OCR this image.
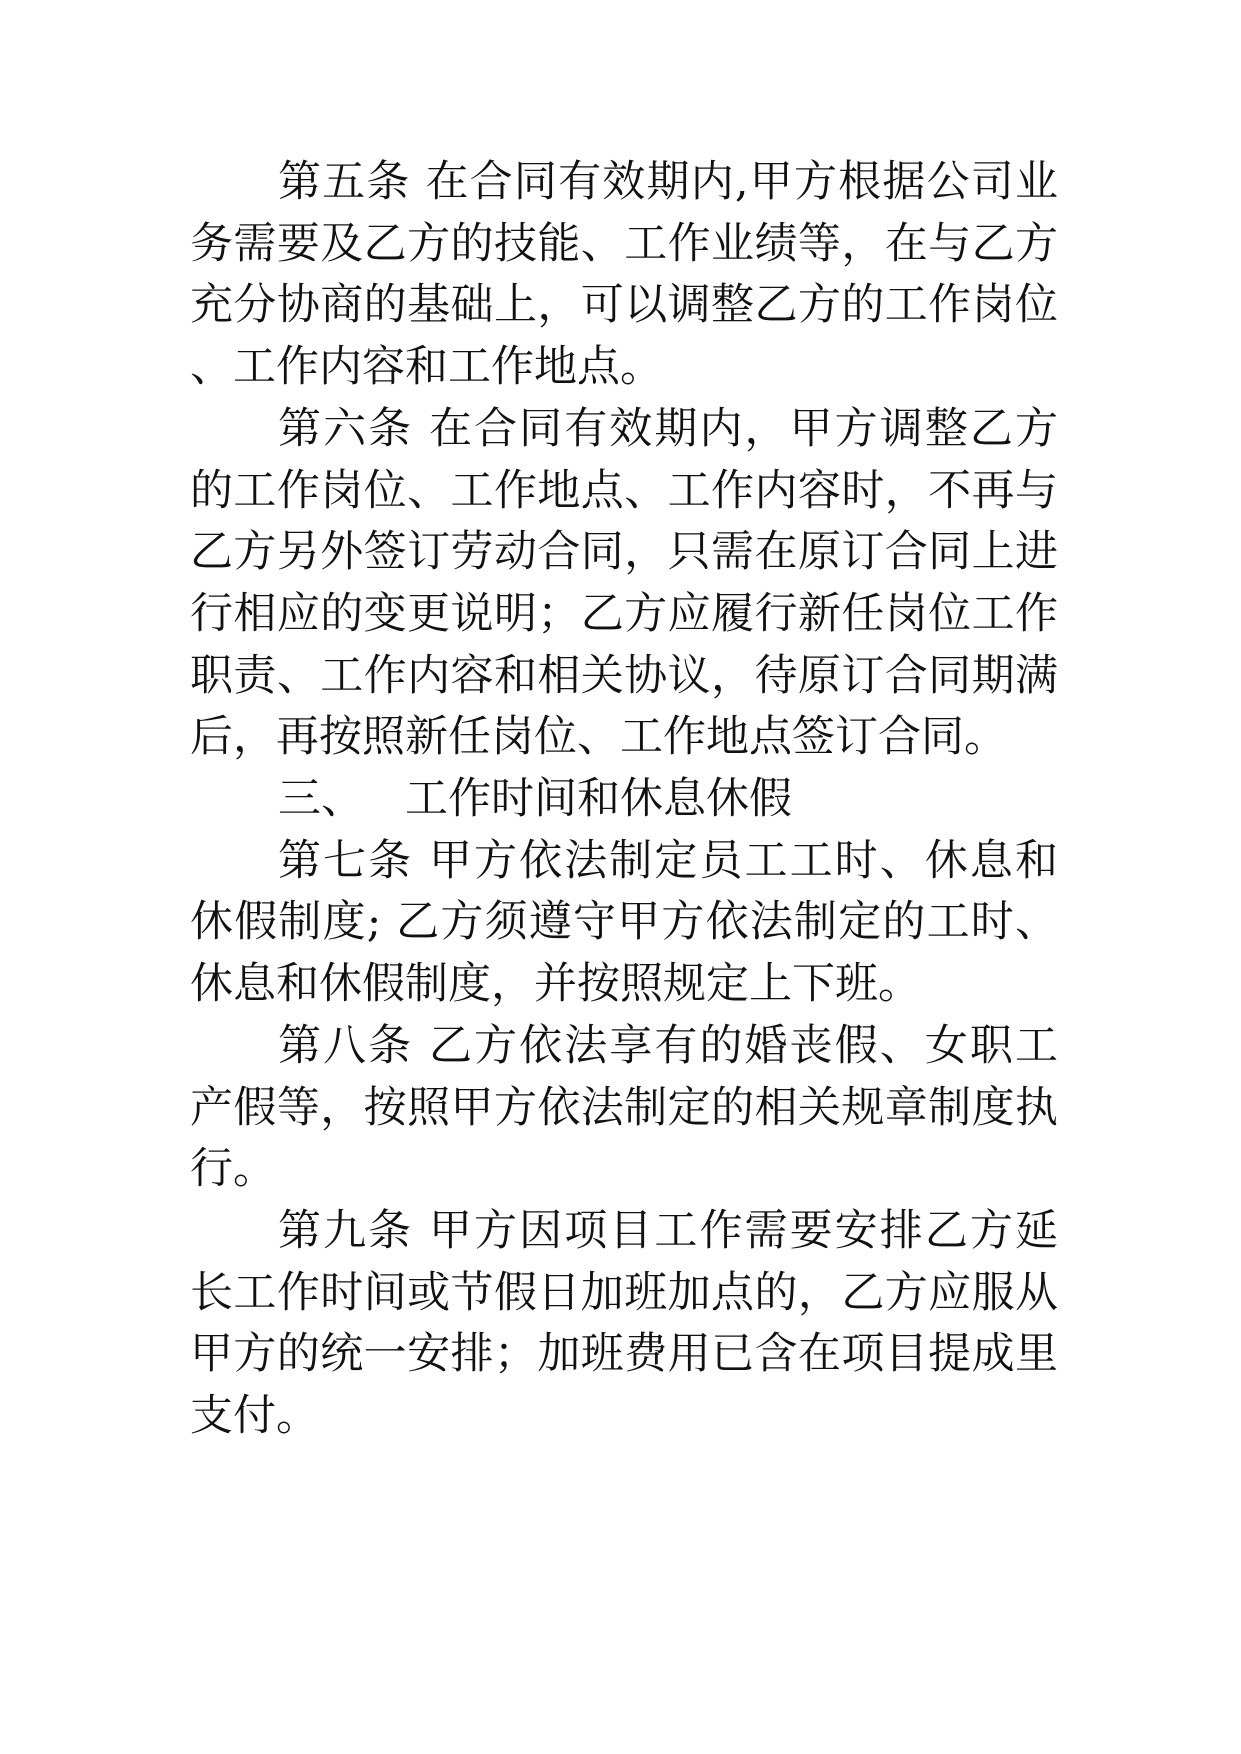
第五条 在合同有效期内,甲方根据公司业务需要及乙方的技能、工作业绩等，在与乙方充分协商的基础上，可以调整乙方的工作岗位、工作内容和工作地点。

第六条 在合同有效期内，甲方调整乙方的工作岗位、工作地点、工作内容时，不再与乙方另外签订劳动合同，只需在原订合同上进行相应的变更说明；乙方应履行新任岗位工作职责、工作内容和相关协议，待原订合同期满后，再按照新任岗位、工作地点签订合同。

三、   工作时间和休息休假

第七条 甲方依法制定员工工时、休息和休假制度; 乙方须遵守甲方依法制定的工时、休息和休假制度，并按照规定上下班。

第八条 乙方依法享有的婚丧假、女职工产假等，按照甲方依法制定的相关规章制度执行。

第九条 甲方因项目工作需要安排乙方延长工作时间或节假日加班加点的，乙方应服从甲方的统一安排；加班费用已含在项目提成里支付。
